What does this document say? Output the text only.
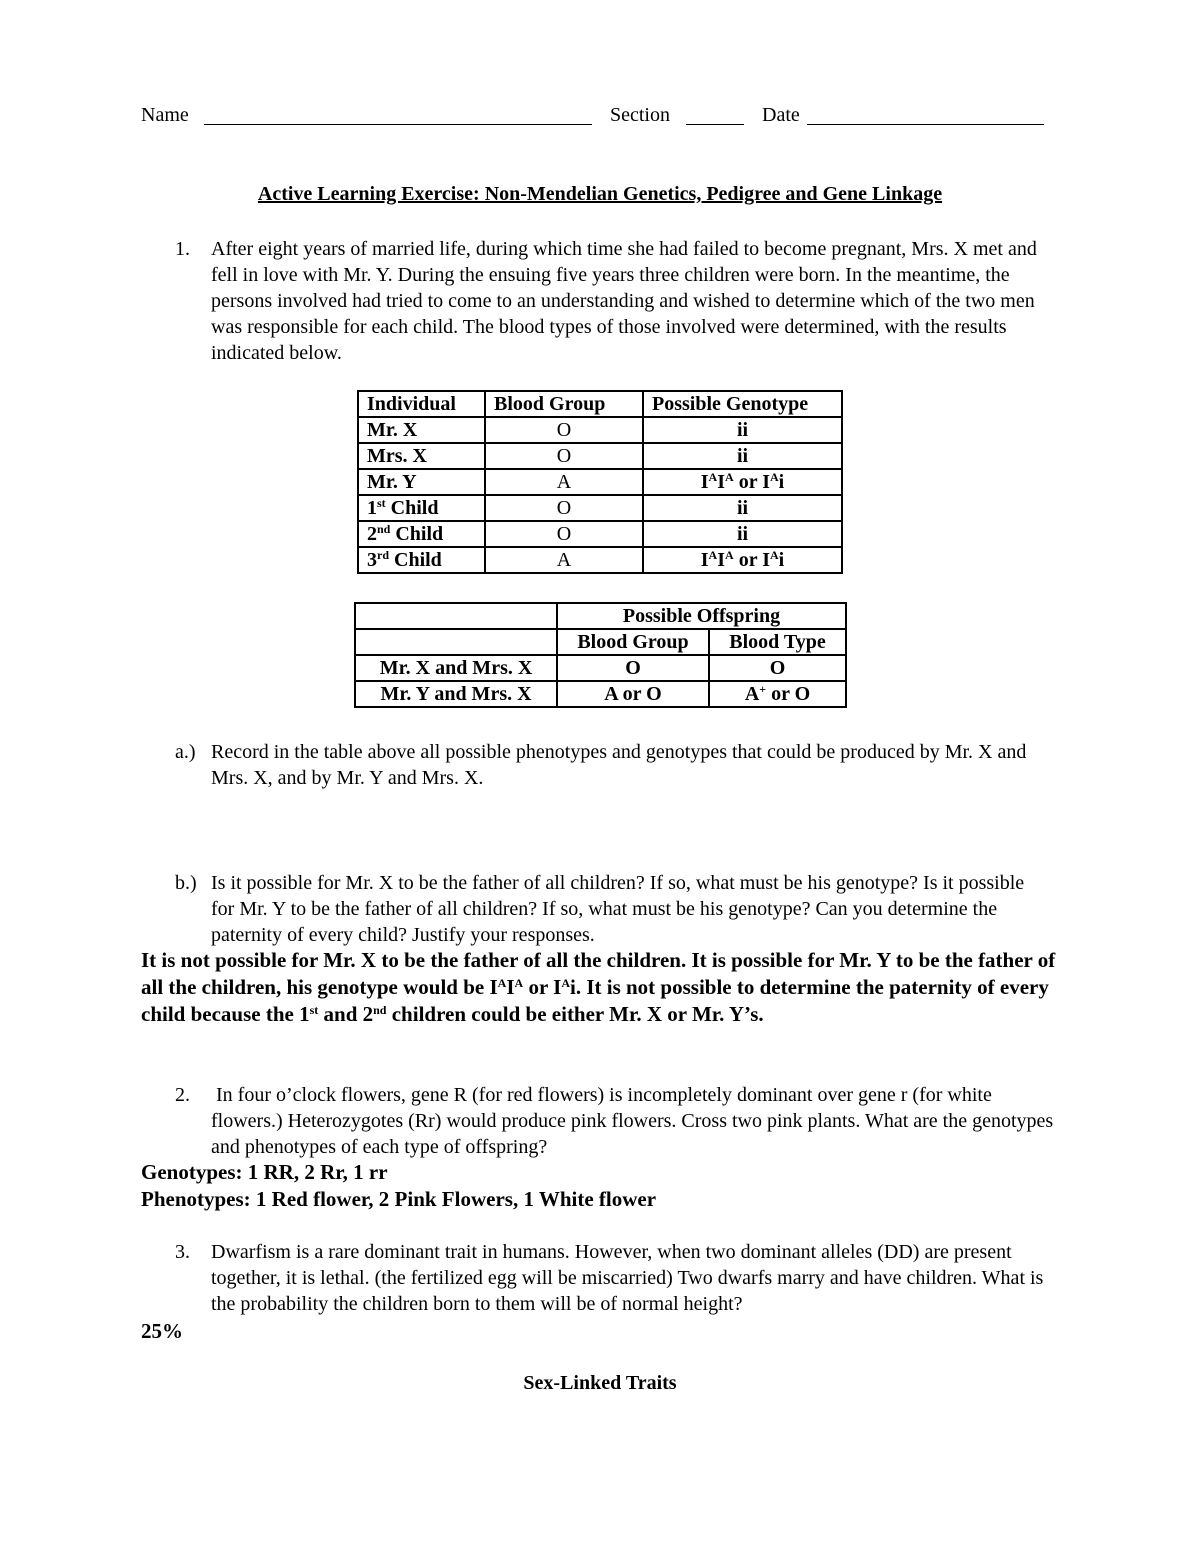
Name	Section	Date
Active Learning Exercise: Non-Mendelian Genetics, Pedigree and Gene Linkage
1.	After eight years of married life, during which time she had failed to become pregnant, Mrs. X met and fell in love with Mr. Y. During the ensuing five years three children were born. In the meantime, the persons involved had tried to come to an understanding and wished to determine which of the two men was responsible for each child. The blood types of those involved were determined, with the results indicated below.
Individual	Blood Group	Possible Genotype
Mr. X	O	ii
Mrs. X	O	ii
Mr. Y	A	$I^AI^A$ or $I^Ai$
1st Child	O	ii
2nd Child	O	ii
3rd Child	A	$I^AI^A$ or $I^Ai$
	Possible Offspring	
	Blood Group	Blood Type
Mr. X and Mrs. X	O	O
Mr. Y and Mrs. X	A or O	A+ or O
a.) Record in the table above all possible phenotypes and genotypes that could be produced by Mr. X and Mrs. X, and by Mr. Y and Mrs. X.
b.) Is it possible for Mr. X to be the father of all children? If so, what must be his genotype? Is it possible for Mr. Y to be the father of all children? If so, what must be his genotype? Can you determine the paternity of every child? Justify your responses.
It is not possible for Mr. X to be the father of all the children. It is possible for Mr. Y to be the father of all the children, his genotype would be $I^AI^A$ or $I^Ai$. It is not possible to determine the paternity of every child because the 1st and 2nd children could be either Mr. X or Mr. Y’s.
2.	In four o’clock flowers, gene R (for red flowers) is incompletely dominant over gene r (for white flowers.) Heterozygotes (Rr) would produce pink flowers. Cross two pink plants. What are the genotypes and phenotypes of each type of offspring?
Genotypes: 1 RR, 2 Rr, 1 rr
Phenotypes: 1 Red flower, 2 Pink Flowers, 1 White flower
3.	Dwarfism is a rare dominant trait in humans. However, when two dominant alleles (DD) are present together, it is lethal. (the fertilized egg will be miscarried) Two dwarfs marry and have children. What is the probability the children born to them will be of normal height?
25%
Sex-Linked Traits
